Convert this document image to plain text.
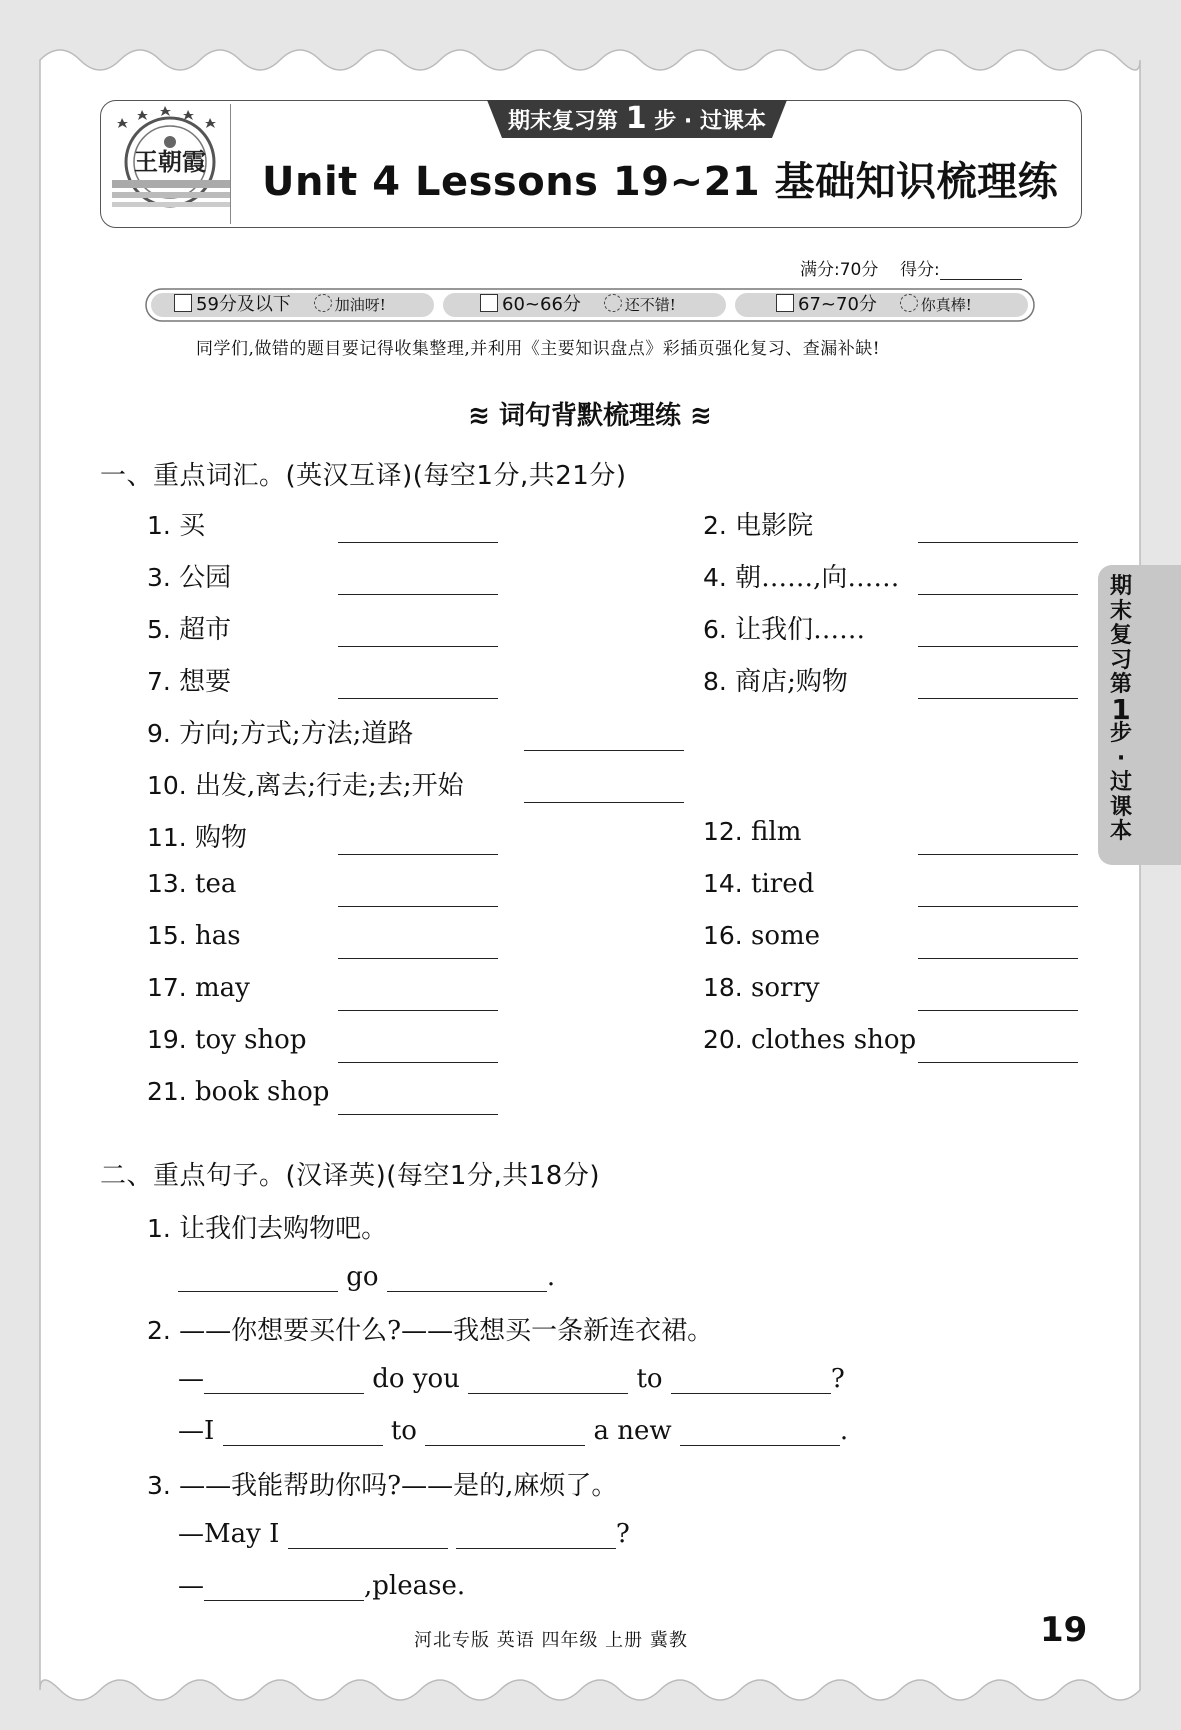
王朝霞
期末复习第 1 步 · 过课本
Unit 4 Lessons 19~21 基础知识梳理练
满分:70分 得分:
59分及以下	加油呀!	60~66分	还不错!	67~70分	你真棒!
同学们,做错的题目要记得收集整理,并利用《主要知识盘点》彩插页强化复习、查漏补缺!
≋ 词句背默梳理练 ≋
一、重点词汇。(英汉互译)(每空1分,共21分)
1. 买	2. 电影院
3. 公园	4. 朝……,向……
5. 超市	6. 让我们……
7. 想要	8. 商店;购物
9. 方向;方式;方法;道路
10. 出发,离去;行走;去;开始
11. 购物	12. film
13. tea	14. tired
15. has	16. some
17. may	18. sorry
19. toy shop	20. clothes shop
21. book shop
二、重点句子。(汉译英)(每空1分,共18分)
1. 让我们去购物吧。
go	.
2. ——你想要买什么?——我想买一条新连衣裙。
—	do you	to	?
—I	to	a new	.
3. ——我能帮助你吗?——是的,麻烦了。
—May I	?
—	,please.
期
末
复
习
第
1
步
·
过
课
本
河北专版 英语 四年级 上册 冀教	19
